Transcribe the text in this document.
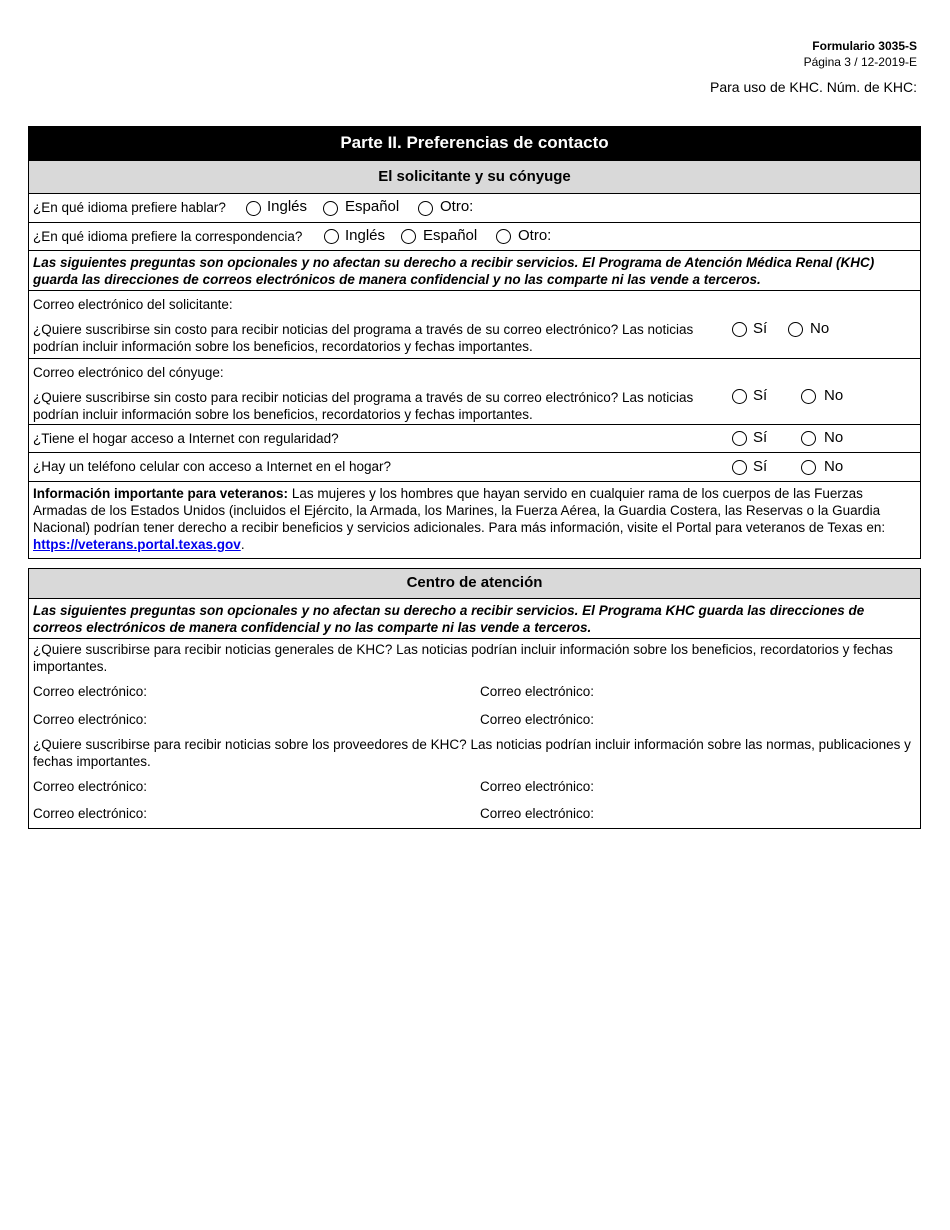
Formulario 3035-S
Página 3 / 12-2019-E
Para uso de KHC. Núm. de KHC:
Parte II. Preferencias de contacto
El solicitante y su cónyuge
¿En qué idioma prefiere hablar?	Inglés	Español	Otro:
¿En qué idioma prefiere la correspondencia?	Inglés	Español	Otro:
Las siguientes preguntas son opcionales y no afectan su derecho a recibir servicios. El Programa de Atención Médica Renal (KHC) guarda las direcciones de correos electrónicos de manera confidencial y no las comparte ni las vende a terceros.
Correo electrónico del solicitante:
¿Quiere suscribirse sin costo para recibir noticias del programa a través de su correo electrónico? Las noticias podrían incluir información sobre los beneficios, recordatorios y fechas importantes.
Sí	No
Correo electrónico del cónyuge:
¿Quiere suscribirse sin costo para recibir noticias del programa a través de su correo electrónico? Las noticias podrían incluir información sobre los beneficios, recordatorios y fechas importantes.
Sí	No
¿Tiene el hogar acceso a Internet con regularidad?	Sí	No
¿Hay un teléfono celular con acceso a Internet en el hogar?	Sí	No
Información importante para veteranos: Las mujeres y los hombres que hayan servido en cualquier rama de los cuerpos de las Fuerzas Armadas de los Estados Unidos (incluidos el Ejército, la Armada, los Marines, la Fuerza Aérea, la Guardia Costera, las Reservas o la Guardia Nacional) podrían tener derecho a recibir beneficios y servicios adicionales. Para más información, visite el Portal para veteranos de Texas en: https://veterans.portal.texas.gov.
Centro de atención
Las siguientes preguntas son opcionales y no afectan su derecho a recibir servicios. El Programa KHC guarda las direcciones de correos electrónicos de manera confidencial y no las comparte ni las vende a terceros.
¿Quiere suscribirse para recibir noticias generales de KHC? Las noticias podrían incluir información sobre los beneficios, recordatorios y fechas importantes.
Correo electrónico:	Correo electrónico:
Correo electrónico:	Correo electrónico:
¿Quiere suscribirse para recibir noticias sobre los proveedores de KHC? Las noticias podrían incluir información sobre las normas, publicaciones y fechas importantes.
Correo electrónico:	Correo electrónico:
Correo electrónico:	Correo electrónico:
